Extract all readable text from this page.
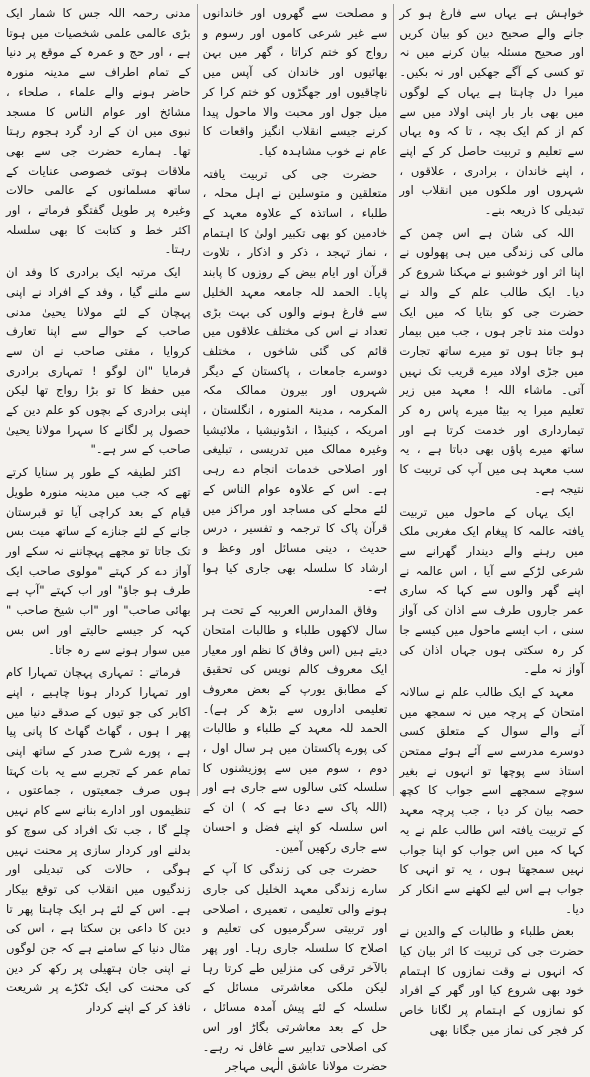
خواہش ہے یہاں سے فارغ ہو کر جانے والے صحیح دین کو بیان کریں اور صحیح مسئلہ بیان کرنے میں نہ تو کسی کے آگے جھکیں اور نہ بکیں۔ میرا دل چاہتا ہے یہاں کے لوگوں میں بھی بار بار اپنی اولاد میں سے کم از کم ایک بچہ ، تا کہ وہ یہاں سے تعلیم و تربیت حاصل کر کے اپنے ، اپنے خاندان ، برادری ، علاقوں ، شہروں اور ملکوں میں انقلاب اور تبدیلی کا ذریعہ بنے۔

اللہ کی شان ہے اس چمن کے مالی کی زندگی میں ہی پھولوں نے اپنا اثر اور خوشبو نے مہکنا شروع کر دیا۔ ایک طالب علم کے والد نے حضرت جی کو بتایا کہ میں ایک دولت مند تاجر ہوں ، جب میں بیمار ہو جاتا ہوں تو میرے ساتھ تجارت میں جڑی اولاد میرے قریب تک نہیں آتی۔ ماشاء اللہ ! معہد میں زیر تعلیم میرا یہ بیٹا میرے پاس رہ کر تیمارداری اور خدمت کرتا ہے اور ساتھ میرے پاؤں بھی دباتا ہے ، یہ سب معہد ہی میں آپ کی تربیت کا نتیجہ ہے۔

ایک یہاں کے ماحول میں تربیت یافتہ عالمہ کا پیغام ایک مغربی ملک میں رہنے والے دیندار گھرانے سے شرعی لڑکے سے آیا ، اس عالمہ نے اپنے گھر والوں سے کہا کہ ساری عمر جاروں طرف سے اذان کی آواز سنی ، اب ایسے ماحول میں کیسے جا کر رہ سکتی ہوں جہاں اذان کی آواز نہ ملے۔

معہد کے ایک طالب علم نے سالانہ امتحان کے پرچہ میں نہ سمجھ میں آنے والے سوال کے متعلق کسی دوسرے مدرسے سے آئے ہوئے ممتحن استاذ سے پوچھا تو انہوں نے بغیر سوچے سمجھے اسے جواب کا کچھ حصہ بیان کر دیا ، جب پرچہ معہد کے تربیت یافتہ اس طالب علم نے یہ کہا کہ میں اس جواب کو اپنا جواب نہیں سمجھتا ہوں ، یہ تو انہی کا جواب ہے اس لیے لکھنے سے انکار کر دیا۔

بعض طلباء و طالبات کے والدین نے حضرت جی کی تربیت کا اثر بیان کیا کہ انہوں نے وقت نمازوں کا اہتمام خود بھی شروع کیا اور گھر کے افراد کو نمازوں کے اہتمام پر لگانا خاص کر فجر کی نماز میں جگانا بھی

و مصلحت سے گھروں اور خاندانوں سے غیر شرعی کاموں اور رسوم و رواج کو ختم کراتا ، گھر میں بہن بھائیوں اور خاندان کی آپس میں ناچاقیوں اور جھگڑوں کو ختم کرا کر میل جول اور محبت والا ماحول پیدا کرنے جیسے انقلاب انگیز واقعات کا عام نے خوب مشاہدہ کیا۔

حضرت جی کی تربیت یافتہ متعلقین و متوسلین نے اہل محلہ ، طلباء ، اساتذہ کے علاوہ معہد کے خادمین کو بھی تکبیر اولیٰ کا اہتمام ، نماز تہجد ، ذکر و اذکار ، تلاوت قرآن اور ایام بیض کے روزوں کا پابند پایا۔ الحمد للہ جامعہ معہد الخلیل سے فارغ ہونے والوں کی بہت بڑی تعداد نے اس کی مختلف علاقوں میں قائم کی گئی شاخوں ، مختلف دوسرے جامعات ، پاکستان کے دیگر شہروں اور بیرون ممالک مکہ المکرمہ ، مدینۃ المنورہ ، انگلستان ، امریکہ ، کینیڈا ، انڈونیشیا ، ملائیشیا وغیرہ ممالک میں تدریسی ، تبلیغی اور اصلاحی خدمات انجام دے رہی ہے۔ اس کے علاوہ عوام الناس کے لئے محلے کی مساجد اور مراکز میں قرآن پاک کا ترجمہ و تفسیر ، درس حدیث ، دینی مسائل اور وعظ و ارشاد کا سلسلہ بھی جاری کیا ہوا ہے۔

وفاق المدارس العربیہ کے تحت ہر سال لاکھوں طلباء و طالبات امتحان دیتے ہیں (اس وفاق کا نظم اور معیار ایک معروف کالم نویس کی تحقیق کے مطابق یورپ کے بعض معروف تعلیمی اداروں سے بڑھ کر ہے)۔ الحمد للہ معہد کے طلباء و طالبات کی پورے پاکستان میں ہر سال اول ، دوم ، سوم میں سے پوزیشنوں کا سلسلہ کئی سالوں سے جاری ہے اور (اللہ پاک سے دعا ہے کہ ) ان کے اس سلسلہ کو اپنے فضل و احسان سے جاری رکھیں آمین۔

حضرت جی کی زندگی کا آپ کے سارے زندگی معہد الخلیل کی جاری ہونے والی تعلیمی ، تعمیری ، اصلاحی اور تربیتی سرگرمیوں کی تعلیم و اصلاح کا سلسلہ جاری رہا۔ اور پھر بالآخر ترقی کی منزلیں طے کرتا رہا لیکن ملکی معاشرتی مسائل کے سلسلہ کے لئے پیش آمدہ مسائل ، حل کے بعد معاشرتی بگاڑ اور اس کی اصلاحی تدابیر سے غافل نہ رہے۔ حضرت مولانا عاشق الٰہی مہاجر

مدنی رحمہ اللہ جس کا شمار ایک بڑی عالمی علمی شخصیات میں ہوتا ہے ، اور حج و عمرہ کے موقع پر دنیا کے تمام اطراف سے مدینہ منورہ حاضر ہونے والے علماء ، صلحاء ، مشائخ اور عوام الناس کا مسجد نبوی میں ان کے ارد گرد ہجوم رہتا تھا۔ ہمارے حضرت جی سے بھی ملاقات ہوتی خصوصی عنایات کے ساتھ مسلمانوں کے عالمی حالات وغیرہ پر طویل گفتگو فرماتے ، اور اکثر خط و کتابت کا بھی سلسلہ رہتا۔

ایک مرتبہ ایک برادری کا وفد ان سے ملنے گیا ، وفد کے افراد نے اپنی پہچان کے لئے مولانا یحییٰ مدنی صاحب کے حوالے سے اپنا تعارف کروایا ، مفتی صاحب نے ان سے فرمایا "ان لوگو ! تمہاری برادری میں حفظ کا تو بڑا رواج تھا لیکن اپنی برادری کے بچوں کو علم دین کے حصول پر لگانے کا سہرا مولانا یحییٰ صاحب کے سر ہے۔"

اکثر لطیفہ کے طور پر سنایا کرتے تھے کہ جب میں مدینہ منورہ طویل قیام کے بعد کراچی آیا تو قبرستان جانے کے لئے جنازے کے ساتھ میت بس تک جاتا تو مجھے پہچاننے نہ سکے اور آواز دے کر کہتے "مولوی صاحب ایک طرف ہو جاؤ" اور اب کہتے "آپ ہے بھائی صاحب" اور "اب شیخ صاحب " کہہ کر جیسے حالیتے اور اس بس میں سوار ہونے سے رہ جاتا۔

فرماتے : تمہاری پہچان تمہارا کام اور تمہارا کردار ہونا چاہیے ، اپنے اکابر کی جو تیوں کے صدقے دنیا میں پھر ا ہوں ، گھاٹ گھاٹ کا پانی پیا ہے ، پورے شرح صدر کے ساتھ اپنی تمام عمر کے تجربے سے یہ بات کہتا ہوں صرف جمعیتوں ، جماعتوں ، تنظیموں اور ادارے بنانے سے کام نہیں چلے گا ، جب تک افراد کی سوچ کو بدلنے اور کردار سازی پر محنت نہیں ہوگی ، حالات کی تبدیلی اور زندگیوں میں انقلاب کی توقع بیکار ہے۔ اس کے لئے ہر ایک چاہتا پھر تا دین کا داعی بن سکتا ہے ، اس کی مثال دنیا کے سامنے ہے کہ جن لوگوں نے اپنی جان ہتھیلی پر رکھ کر دین کی محنت کی ایک ٹکڑے پر شریعت نافذ کر کے اپنے کردار
